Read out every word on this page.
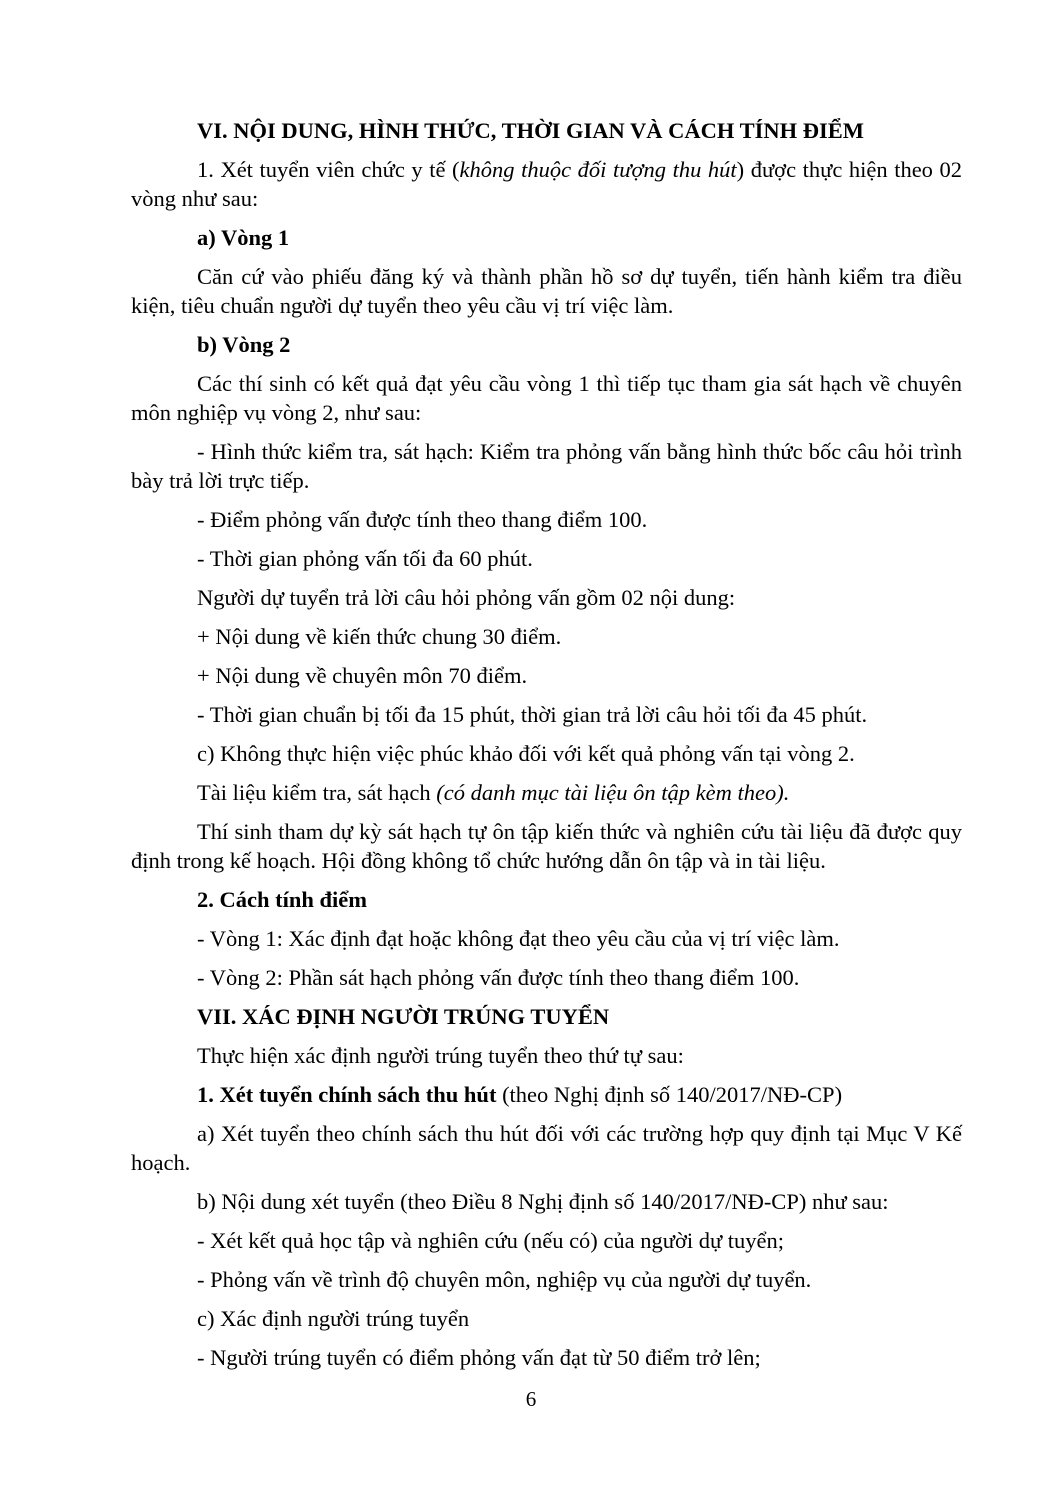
VI. NỘI DUNG, HÌNH THỨC, THỜI GIAN VÀ CÁCH TÍNH ĐIỂM

1. Xét tuyển viên chức y tế (không thuộc đối tượng thu hút) được thực hiện theo 02 vòng như sau:

a) Vòng 1

Căn cứ vào phiếu đăng ký và thành phần hồ sơ dự tuyển, tiến hành kiểm tra điều kiện, tiêu chuẩn người dự tuyển theo yêu cầu vị trí việc làm.

b) Vòng 2

Các thí sinh có kết quả đạt yêu cầu vòng 1 thì tiếp tục tham gia sát hạch về chuyên môn nghiệp vụ vòng 2, như sau:

- Hình thức kiểm tra, sát hạch: Kiểm tra phỏng vấn bằng hình thức bốc câu hỏi trình bày trả lời trực tiếp.

- Điểm phỏng vấn được tính theo thang điểm 100.

- Thời gian phỏng vấn tối đa 60 phút.

Người dự tuyển trả lời câu hỏi phỏng vấn gồm 02 nội dung:

+ Nội dung về kiến thức chung 30 điểm.

+ Nội dung về chuyên môn 70 điểm.

- Thời gian chuẩn bị tối đa 15 phút, thời gian trả lời câu hỏi tối đa 45 phút.

c) Không thực hiện việc phúc khảo đối với kết quả phỏng vấn tại vòng 2.

Tài liệu kiểm tra, sát hạch (có danh mục tài liệu ôn tập kèm theo).

Thí sinh tham dự kỳ sát hạch tự ôn tập kiến thức và nghiên cứu tài liệu đã được quy định trong kế hoạch. Hội đồng không tổ chức hướng dẫn ôn tập và in tài liệu.

2. Cách tính điểm

- Vòng 1: Xác định đạt hoặc không đạt theo yêu cầu của vị trí việc làm.

- Vòng 2: Phần sát hạch phỏng vấn được tính theo thang điểm 100.

VII. XÁC ĐỊNH NGƯỜI TRÚNG TUYỂN

Thực hiện xác định người trúng tuyển theo thứ tự sau:

1. Xét tuyển chính sách thu hút (theo Nghị định số 140/2017/NĐ-CP)

a) Xét tuyển theo chính sách thu hút đối với các trường hợp quy định tại Mục V Kế hoạch.

b) Nội dung xét tuyển (theo Điều 8 Nghị định số 140/2017/NĐ-CP) như sau:

- Xét kết quả học tập và nghiên cứu (nếu có) của người dự tuyển;

- Phỏng vấn về trình độ chuyên môn, nghiệp vụ của người dự tuyển.

c) Xác định người trúng tuyển

- Người trúng tuyển có điểm phỏng vấn đạt từ 50 điểm trở lên;

6
